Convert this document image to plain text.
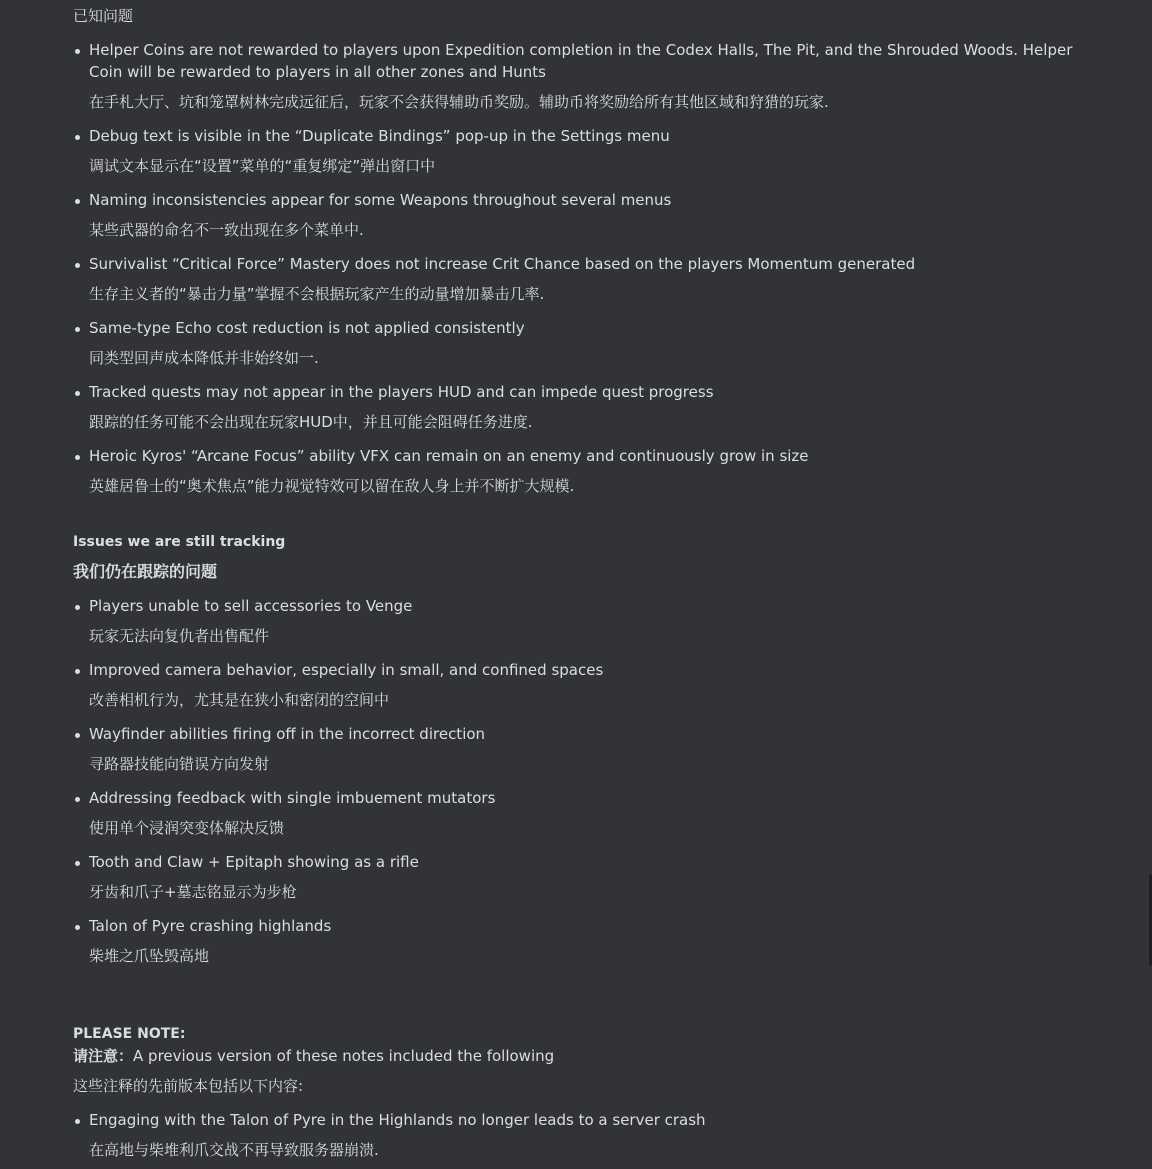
已知问题
Helper Coins are not rewarded to players upon Expedition completion in the Codex Halls, The Pit, and the Shrouded Woods. Helper Coin will be rewarded to players in all other zones and Hunts
在手札大厅、坑和笼罩树林完成远征后，玩家不会获得辅助币奖励。辅助币将奖励给所有其他区域和狩猎的玩家.
Debug text is visible in the “Duplicate Bindings” pop-up in the Settings menu
调试文本显示在“设置”菜单的“重复绑定”弹出窗口中
Naming inconsistencies appear for some Weapons throughout several menus
某些武器的命名不一致出现在多个菜单中.
Survivalist “Critical Force” Mastery does not increase Crit Chance based on the players Momentum generated
生存主义者的“暴击力量”掌握不会根据玩家产生的动量增加暴击几率.
Same-type Echo cost reduction is not applied consistently
同类型回声成本降低并非始终如一.
Tracked quests may not appear in the players HUD and can impede quest progress
跟踪的任务可能不会出现在玩家HUD中，并且可能会阻碍任务进度.
Heroic Kyros' “Arcane Focus” ability VFX can remain on an enemy and continuously grow in size
英雄居鲁士的“奥术焦点”能力视觉特效可以留在敌人身上并不断扩大规模.
Issues we are still tracking
我们仍在跟踪的问题
Players unable to sell accessories to Venge
玩家无法向复仇者出售配件
Improved camera behavior, especially in small, and confined spaces
改善相机行为，尤其是在狭小和密闭的空间中
Wayfinder abilities firing off in the incorrect direction
寻路器技能向错误方向发射
Addressing feedback with single imbuement mutators
使用单个浸润突变体解决反馈
Tooth and Claw + Epitaph showing as a rifle
牙齿和爪子+墓志铭显示为步枪
Talon of Pyre crashing highlands
柴堆之爪坠毁高地
PLEASE NOTE:
请注意：A previous version of these notes included the following
这些注释的先前版本包括以下内容:
Engaging with the Talon of Pyre in the Highlands no longer leads to a server crash
在高地与柴堆利爪交战不再导致服务器崩溃.
